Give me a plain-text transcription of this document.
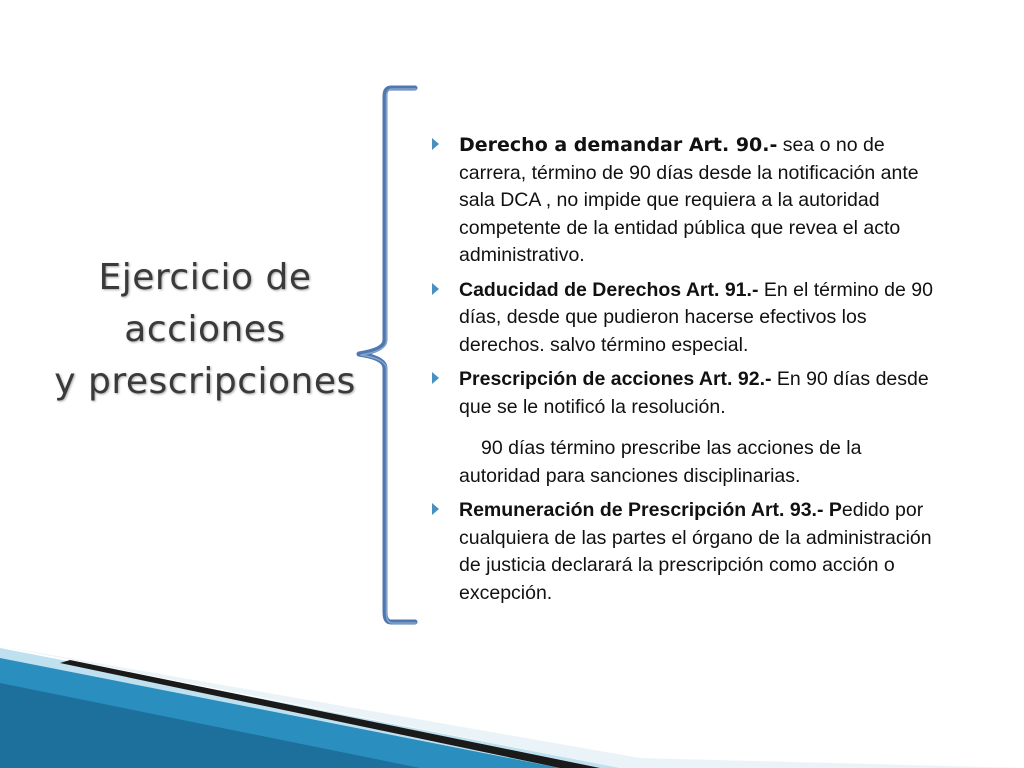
Ejercicio de
acciones
y prescripciones
Derecho a demandar Art. 90.- sea o no de carrera, término de 90 días desde la notificación ante sala DCA , no impide que requiera a la autoridad competente de la entidad pública que revea el acto administrativo.
Caducidad de Derechos Art. 91.- En el término de 90 días, desde que pudieron hacerse efectivos los derechos. salvo término especial.
Prescripción de acciones Art. 92.- En 90 días desde que se le notificó la resolución.
90 días término prescribe las acciones de la autoridad para sanciones disciplinarias.
Remuneración de Prescripción Art. 93.- Pedido por cualquiera de las partes el órgano de la administración de justicia declarará la prescripción como acción o excepción.
